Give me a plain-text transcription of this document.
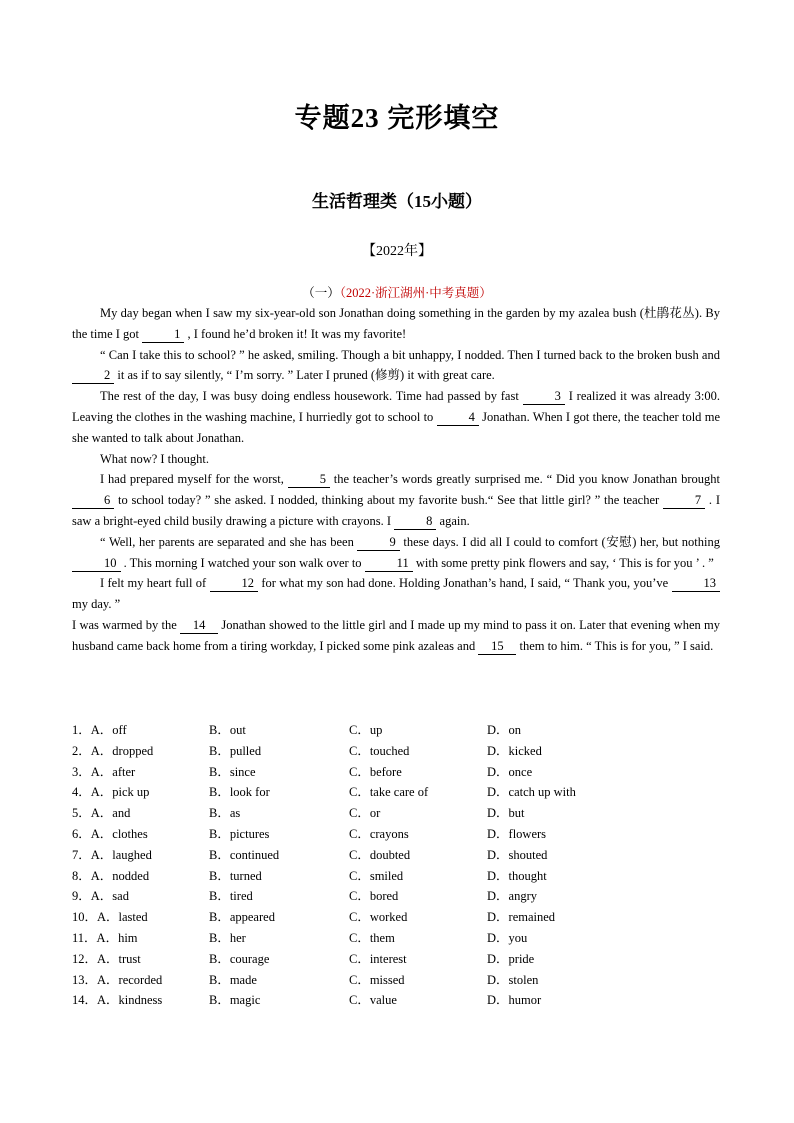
专题23 完形填空
生活哲理类（15小题）
【2022年】
（一）（2022·浙江湖州·中考真题）

My day began when I saw my six-year-old son Jonathan doing something in the garden by my azalea bush (杜鹃花丛). By the time I got	1 , I found he’d broken it! It was my favorite!

“ Can I take this to school? ” he asked, smiling. Though a bit unhappy, I nodded. Then I turned back to the broken bush and 2 it as if to say silently, “ I’m sorry. ” Later I pruned (修剪) it with great care.

The rest of the day, I was busy doing endless housework. Time had passed by fast	3 I realized it was already 3:00. Leaving the clothes in the washing machine, I hurriedly got to school to	4 Jonathan. When I got there, the teacher told me she wanted to talk about Jonathan.

What now? I thought.

I had prepared myself for the worst,	5 the teacher’s words greatly surprised me. “ Did you know Jonathan brought 6 to school today? ” she asked. I nodded, thinking about my favorite bush.“ See that little girl? ” the teacher	7 . I saw a bright-eyed child busily drawing a picture with crayons. I	8 again.

“ Well, her parents are separated and she has been	9 these days. I did all I could to comfort (安慰) her, but nothing 10 . This morning I watched your son walk over to	11 with some pretty pink flowers and say, ‘ This is for you ’ . ”

I felt my heart full of	12 for what my son had done. Holding Jonathan’s hand, I said, “ Thank you, you’ve	13 my day. ”

I was warmed by the 14 Jonathan showed to the little girl and I made up my mind to pass it on. Later that evening when my husband came back home from a tiring workday, I picked some pink azaleas and 15 them to him. “ This is for you, ” I said.

1．A．off	B．out	C．up	D．on
2．A．dropped	B．pulled	C．touched	D．kicked
3．A．after	B．since	C．before	D．once
4．A．pick up	B．look for	C．take care of	D．catch up with
5．A．and	B．as	C．or	D．but
6．A．clothes	B．pictures	C．crayons	D．flowers
7．A．laughed	B．continued	C．doubted	D．shouted
8．A．nodded	B．turned	C．smiled	D．thought
9．A．sad	B．tired	C．bored	D．angry
10．A．lasted	B．appeared	C．worked	D．remained
11．A．him	B．her	C．them	D．you
12．A．trust	B．courage	C．interest	D．pride
13．A．recorded	B．made	C．missed	D．stolen
14．A．kindness	B．magic	C．value	D．humor
